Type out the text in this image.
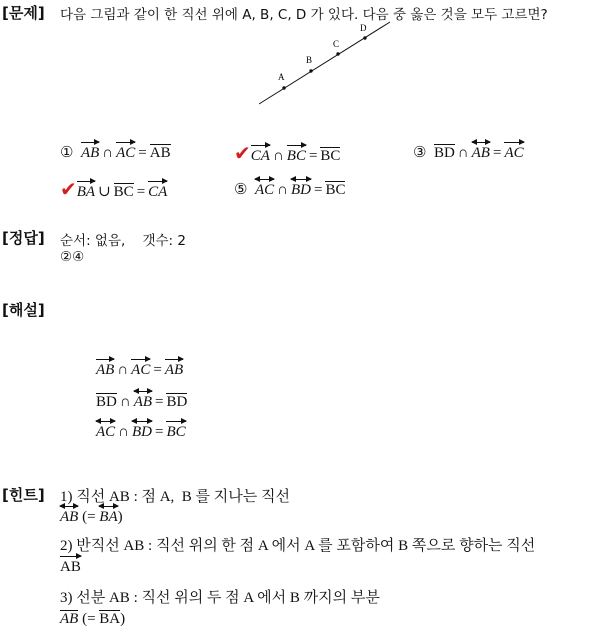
[문제] 다음 그림과 같이 한 직선 위에 A, B, C, D 가 있다. 다음 중 옳은 것을 모두 고르면?
A
B
C
D
① AB ∩ AC = AB	✔CA ∩ BC = BC	③ BD ∩ AB = AC
✔BA ∪ BC = CA	⑤ AC ∩ BD = BC
[정답] 순서: 없음,    갯수: 2
②④
[해설]
AB ∩ AC = AB
BD ∩ AB = BD
AC ∩ BD = BC
[힌트] 1) 직선 AB : 점 A,  B 를 지나는 직선
AB (=
BA)
2) 반직선 AB : 직선 위의 한 점 A 에서 A 를 포함하여 B 쪽으로 향하는 직선
AB
3) 선분 AB : 직선 위의 두 점 A 에서 B 까지의 부분
AB (= BA)
